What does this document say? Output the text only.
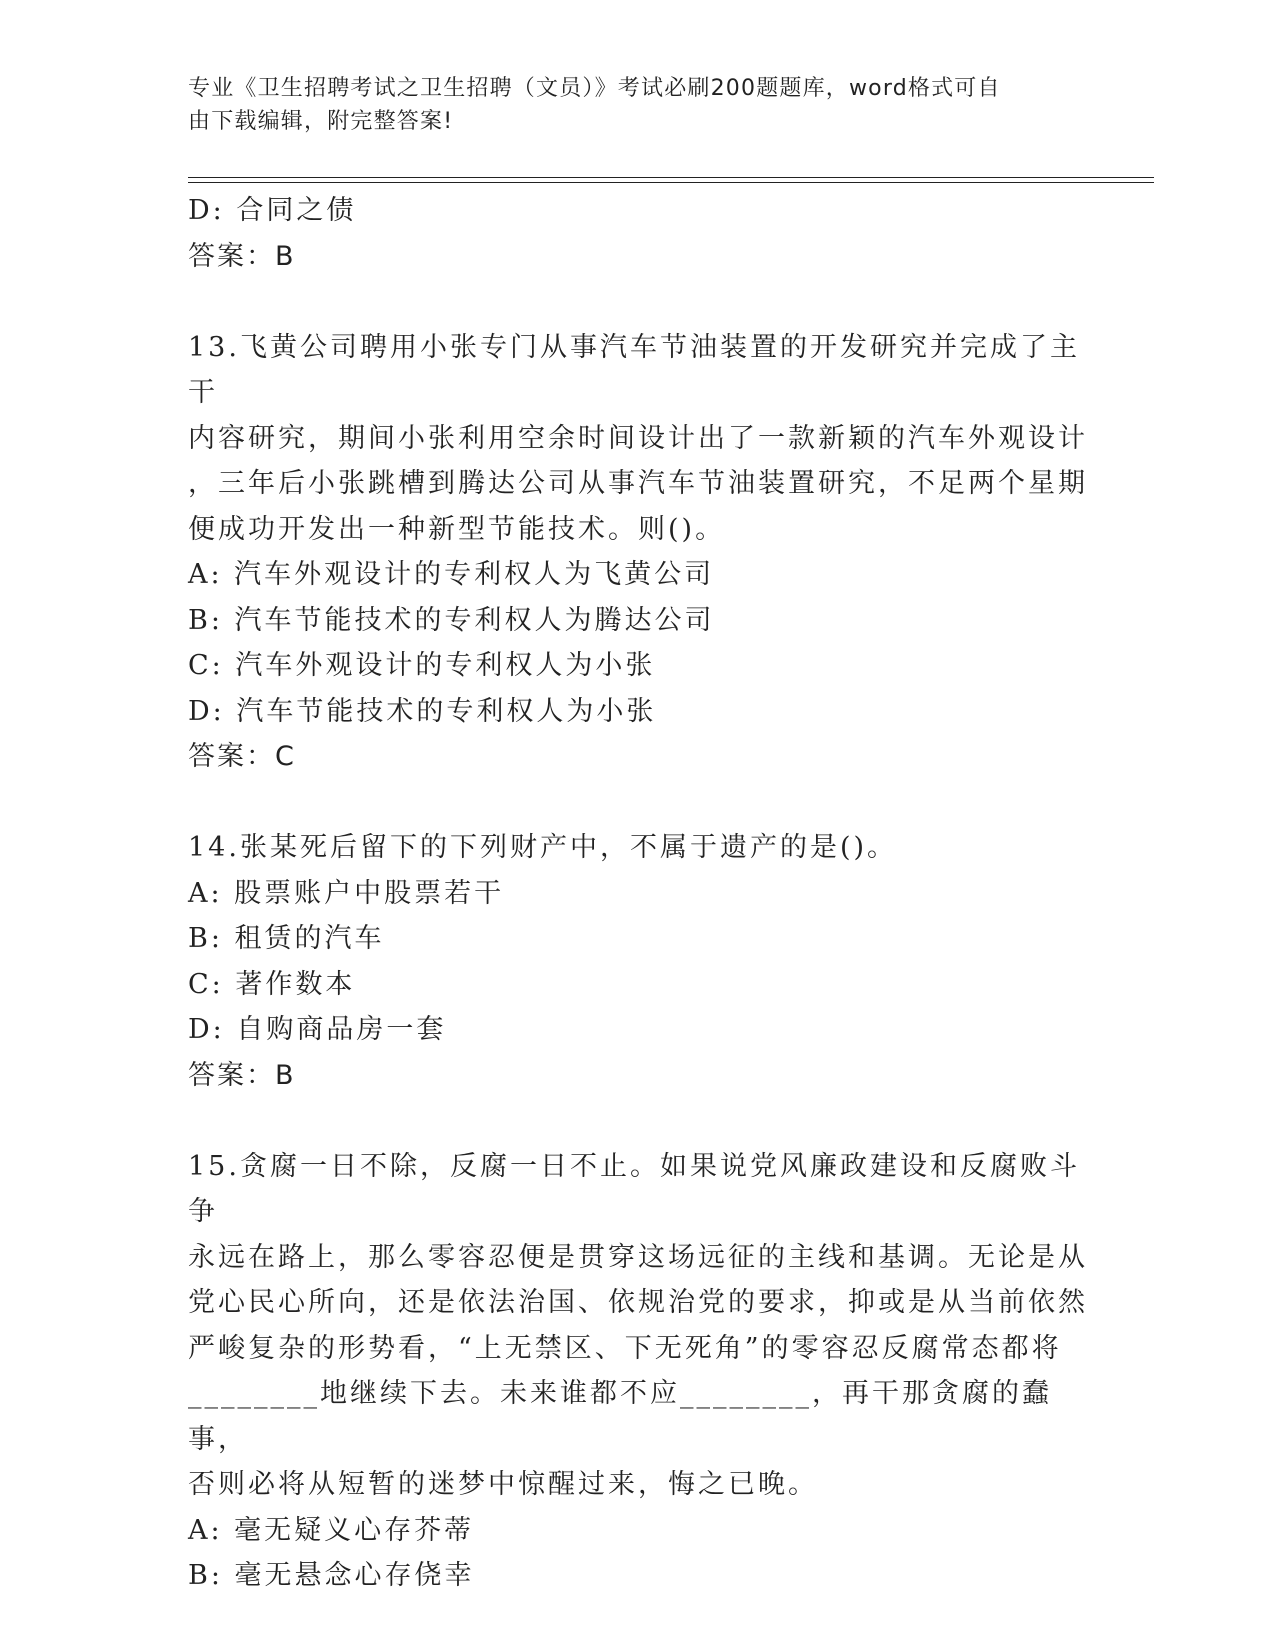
专业《卫生招聘考试之卫生招聘（文员）》考试必刷200题题库，word格式可自
由下载编辑，附完整答案!

D: 合同之债

答案：B

13.飞黄公司聘用小张专门从事汽车节油装置的开发研究并完成了主干

内容研究，期间小张利用空余时间设计出了一款新颖的汽车外观设计

，三年后小张跳槽到腾达公司从事汽车节油装置研究，不足两个星期

便成功开发出一种新型节能技术。则()。

A: 汽车外观设计的专利权人为飞黄公司

B: 汽车节能技术的专利权人为腾达公司

C: 汽车外观设计的专利权人为小张

D: 汽车节能技术的专利权人为小张

答案：C

14.张某死后留下的下列财产中，不属于遗产的是()。

A: 股票账户中股票若干

B: 租赁的汽车

C: 著作数本

D: 自购商品房一套

答案：B

15.贪腐一日不除，反腐一日不止。如果说党风廉政建设和反腐败斗争

永远在路上，那么零容忍便是贯穿这场远征的主线和基调。无论是从

党心民心所向，还是依法治国、依规治党的要求，抑或是从当前依然

严峻复杂的形势看，“上无禁区、下无死角”的零容忍反腐常态都将

________地继续下去。未来谁都不应________，再干那贪腐的蠢事，

否则必将从短暂的迷梦中惊醒过来，悔之已晚。

A: 毫无疑义心存芥蒂

B: 毫无悬念心存侥幸
